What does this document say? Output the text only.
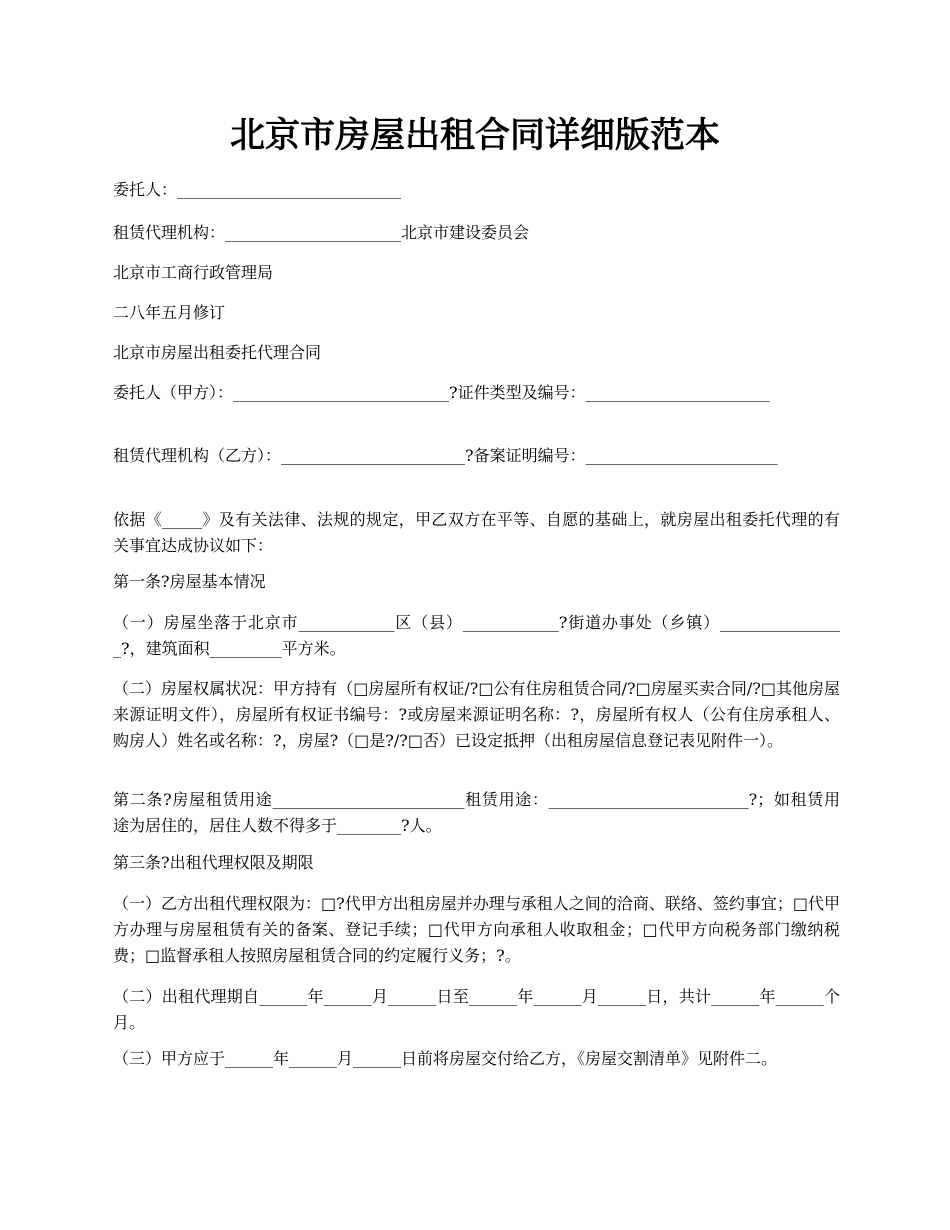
北京市房屋出租合同详细版范本

委托人：____________________________

租赁代理机构：______________________北京市建设委员会

北京市工商行政管理局

二八年五月修订

北京市房屋出租委托代理合同

委托人（甲方）：___________________________?证件类型及编号：_______________________

租赁代理机构（乙方）：_______________________?备案证明编号：________________________

依据《_____》及有关法律、法规的规定，甲乙双方在平等、自愿的基础上，就房屋出租委托代理的有关事宜达成协议如下：

第一条?房屋基本情况

（一）房屋坐落于北京市____________区（县）____________?街道办事处（乡镇）________________?，建筑面积_________平方米。

（二）房屋权属状况：甲方持有（□房屋所有权证/?□公有住房租赁合同/?□房屋买卖合同/?□其他房屋来源证明文件），房屋所有权证书编号：?或房屋来源证明名称：?，房屋所有权人（公有住房承租人、购房人）姓名或名称：?，房屋?（□是?/?□否）已设定抵押（出租房屋信息登记表见附件一）。

第二条?房屋租赁用途________________________租赁用途：_________________________?；如租赁用途为居住的，居住人数不得多于________?人。

第三条?出租代理权限及期限

（一）乙方出租代理权限为：□?代甲方出租房屋并办理与承租人之间的洽商、联络、签约事宜；□代甲方办理与房屋租赁有关的备案、登记手续；□代甲方向承租人收取租金；□代甲方向税务部门缴纳税费；□监督承租人按照房屋租赁合同的约定履行义务；?。

（二）出租代理期自______年______月______日至______年______月______日，共计______年______个月。

（三）甲方应于______年______月______日前将房屋交付给乙方，《房屋交割清单》见附件二。
